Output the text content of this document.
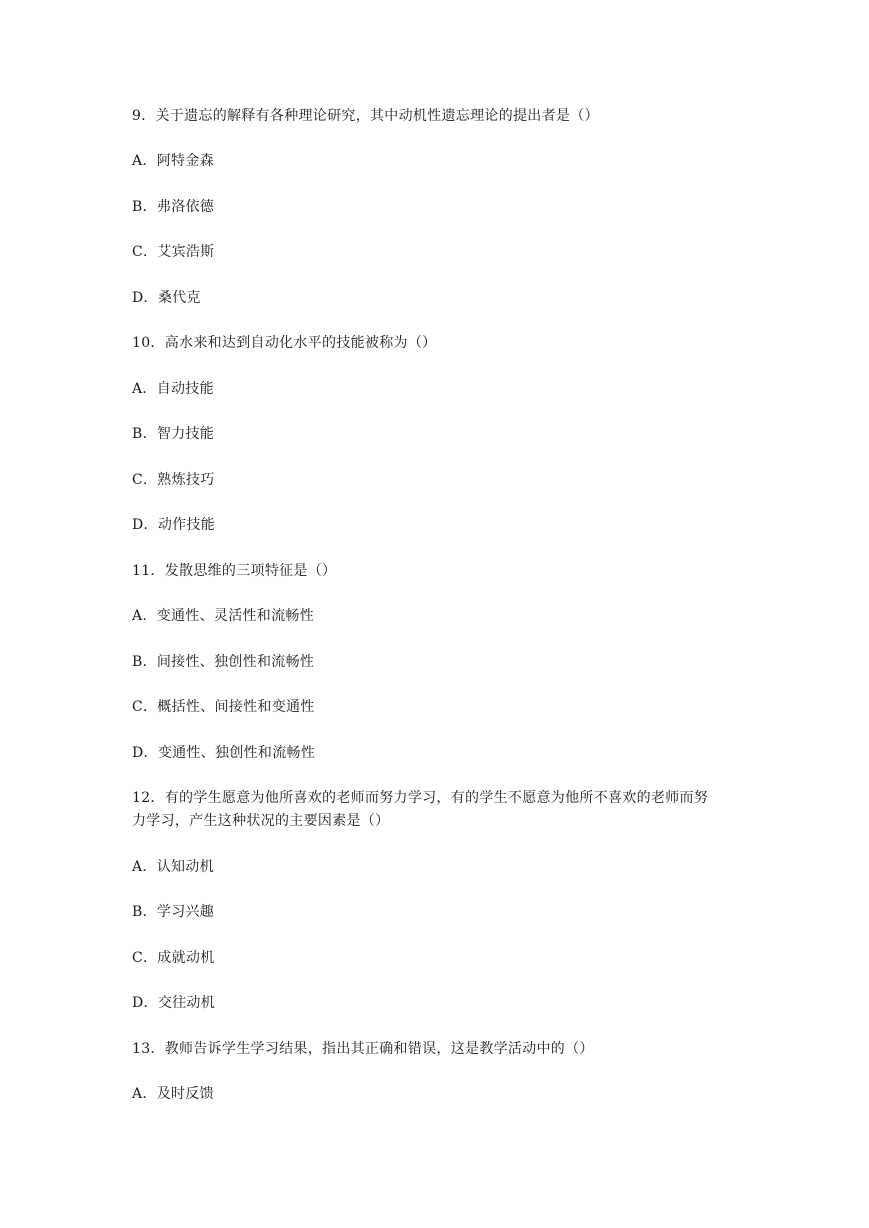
9．关于遗忘的解释有各种理论研究，其中动机性遗忘理论的提出者是（）
A．阿特金森
B．弗洛依德
C．艾宾浩斯
D．桑代克
10．高水来和达到自动化水平的技能被称为（）
A．自动技能
B．智力技能
C．熟炼技巧
D．动作技能
11．发散思维的三项特征是（）
A．变通性、灵活性和流畅性
B．间接性、独创性和流畅性
C．概括性、间接性和变通性
D．变通性、独创性和流畅性
12．有的学生愿意为他所喜欢的老师而努力学习，有的学生不愿意为他所不喜欢的老师而努
力学习，产生这种状况的主要因素是（）
A．认知动机
B．学习兴趣
C．成就动机
D．交往动机
13．教师告诉学生学习结果，指出其正确和错误，这是教学活动中的（）
A．及时反馈
